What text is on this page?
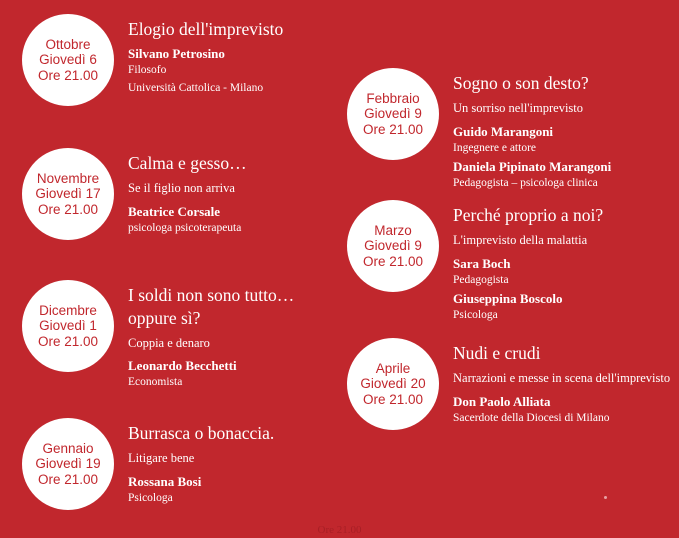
Ottobre
Giovedì 6
Ore 21.00
Elogio dell'imprevisto
Silvano Petrosino
Filosofo
Università Cattolica - Milano
Novembre
Giovedì 17
Ore 21.00
Calma e gesso…
Se il figlio non arriva
Beatrice Corsale
psicologa psicoterapeuta
Dicembre
Giovedì 1
Ore 21.00
I soldi non sono tutto… oppure sì?
Coppia e denaro
Leonardo Becchetti
Economista
Gennaio
Giovedì 19
Ore 21.00
Burrasca o bonaccia.
Litigare bene
Rossana Bosi
Psicologa
Febbraio
Giovedì 9
Ore 21.00
Sogno o son desto?
Un sorriso nell'imprevisto
Guido Marangoni
Ingegnere e attore
Daniela Pipinato Marangoni
Pedagogista – psicologa clinica
Marzo
Giovedì 9
Ore 21.00
Perché proprio a noi?
L'imprevisto della malattia
Sara Boch
Pedagogista
Giuseppina Boscolo
Psicologa
Aprile
Giovedì 20
Ore 21.00
Nudi e crudi
Narrazioni e messe in scena dell'imprevisto
Don Paolo Alliata
Sacerdote della Diocesi di Milano
Ore 21.00
